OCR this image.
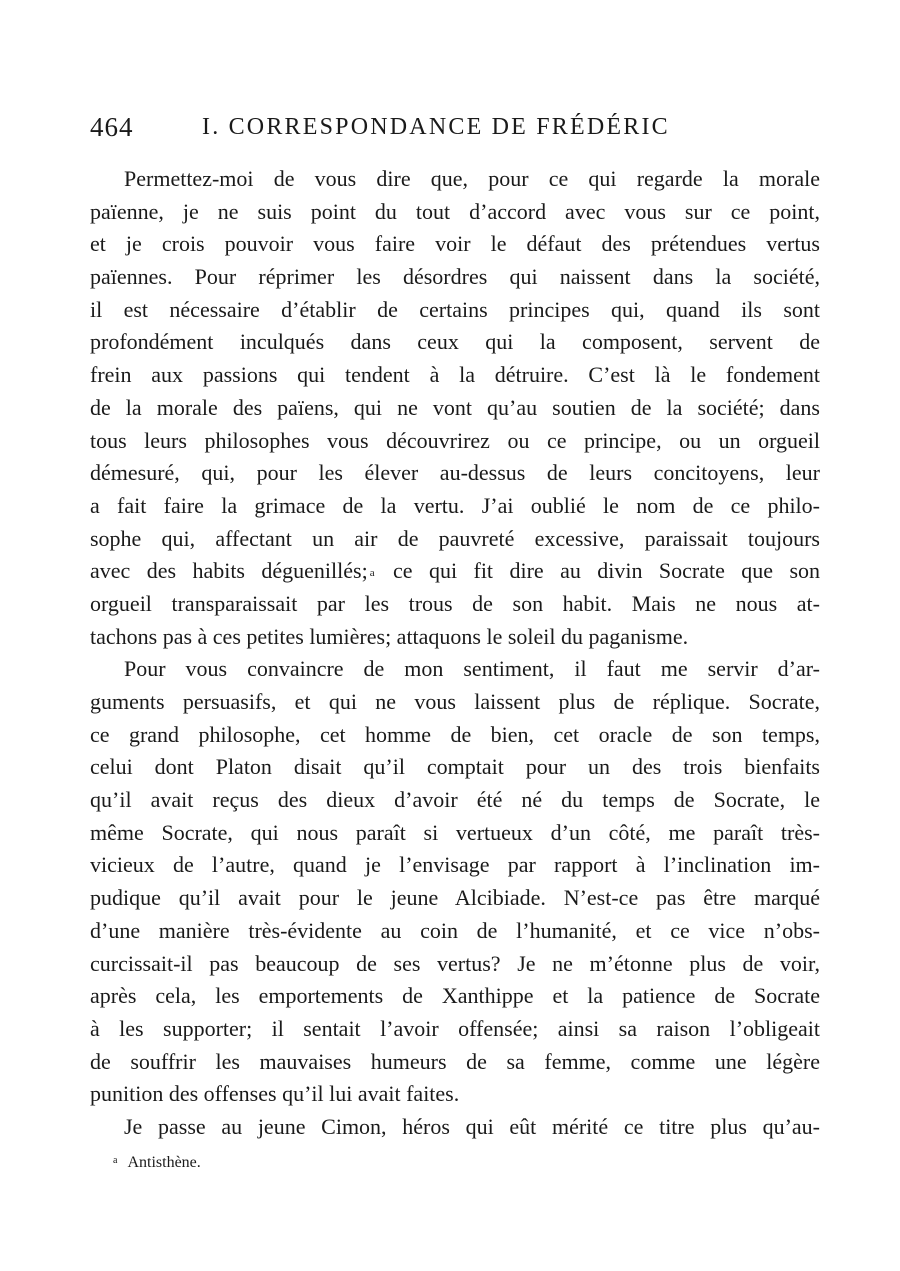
464	I. CORRESPONDANCE DE FRÉDÉRIC
Permettez-moi de vous dire que, pour ce qui regarde la morale
païenne, je ne suis point du tout d’accord avec vous sur ce point,
et je crois pouvoir vous faire voir le défaut des prétendues vertus
païennes. Pour réprimer les désordres qui naissent dans la société,
il est nécessaire d’établir de certains principes qui, quand ils sont
profondément inculqués dans ceux qui la composent, servent de
frein aux passions qui tendent à la détruire. C’est là le fondement
de la morale des païens, qui ne vont qu’au soutien de la société; dans
tous leurs philosophes vous découvrirez ou ce principe, ou un orgueil
démesuré, qui, pour les élever au-dessus de leurs concitoyens, leur
a fait faire la grimace de la vertu. J’ai oublié le nom de ce philo-
sophe qui, affectant un air de pauvreté excessive, paraissait toujours
avec des habits déguenillés; $^a$ ce qui fit dire au divin Socrate que son
orgueil transparaissait par les trous de son habit. Mais ne nous at-
tachons pas à ces petites lumières; attaquons le soleil du paganisme.
Pour vous convaincre de mon sentiment, il faut me servir d’ar-
guments persuasifs, et qui ne vous laissent plus de réplique. Socrate,
ce grand philosophe, cet homme de bien, cet oracle de son temps,
celui dont Platon disait qu’il comptait pour un des trois bienfaits
qu’il avait reçus des dieux d’avoir été né du temps de Socrate, le
même Socrate, qui nous paraît si vertueux d’un côté, me paraît très-
vicieux de l’autre, quand je l’envisage par rapport à l’inclination im-
pudique qu’il avait pour le jeune Alcibiade. N’est-ce pas être marqué
d’une manière très-évidente au coin de l’humanité, et ce vice n’obs-
curcissait-il pas beaucoup de ses vertus? Je ne m’étonne plus de voir,
après cela, les emportements de Xanthippe et la patience de Socrate
à les supporter; il sentait l’avoir offensée; ainsi sa raison l’obligeait
de souffrir les mauvaises humeurs de sa femme, comme une légère
punition des offenses qu’il lui avait faites.
Je passe au jeune Cimon, héros qui eût mérité ce titre plus qu’au-
$^a$ Antisthène.
